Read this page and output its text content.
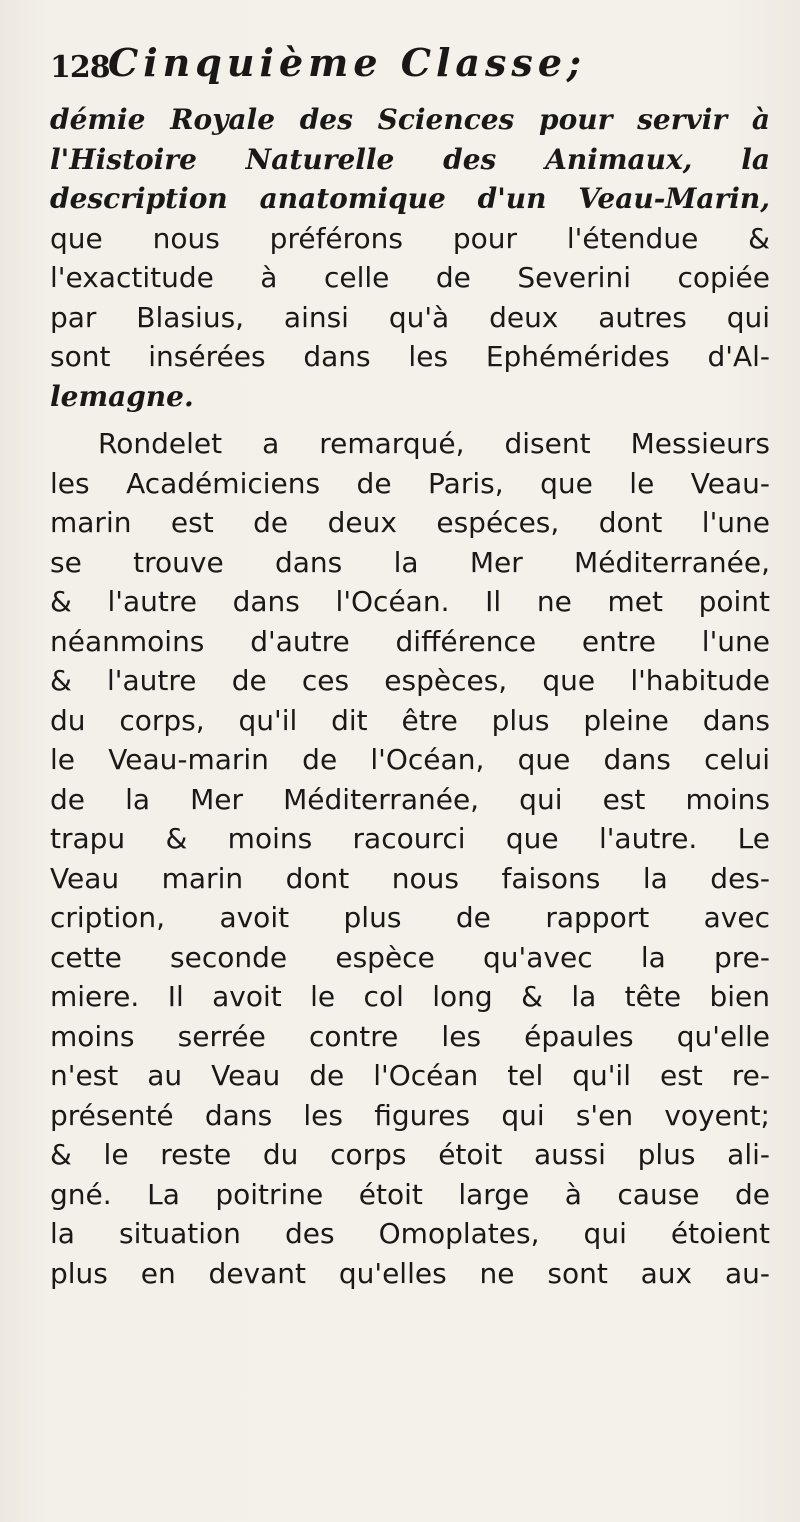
128
Cinquième Classe;
démie Royale des Sciences pour servir à
l'Histoire Naturelle des Animaux, la
description anatomique d'un Veau-Marin,
que nous préférons pour l'étendue &
l'exactitude à celle de Severini copiée
par Blasius, ainsi qu'à deux autres qui
sont insérées dans les Ephémérides d'Al-
lemagne.
Rondelet a remarqué, disent Messieurs
les Académiciens de Paris, que le Veau-
marin est de deux espéces, dont l'une
se trouve dans la Mer Méditerranée,
& l'autre dans l'Océan. Il ne met point
néanmoins d'autre différence entre l'une
& l'autre de ces espèces, que l'habitude
du corps, qu'il dit être plus pleine dans
le Veau-marin de l'Océan, que dans celui
de la Mer Méditerranée, qui est moins
trapu & moins racourci que l'autre. Le
Veau marin dont nous faisons la des-
cription, avoit plus de rapport avec
cette seconde espèce qu'avec la pre-
miere. Il avoit le col long & la tête bien
moins serrée contre les épaules qu'elle
n'est au Veau de l'Océan tel qu'il est re-
présenté dans les figures qui s'en voyent;
& le reste du corps étoit aussi plus ali-
gné. La poitrine étoit large à cause de
la situation des Omoplates, qui étoient
plus en devant qu'elles ne sont aux au-
